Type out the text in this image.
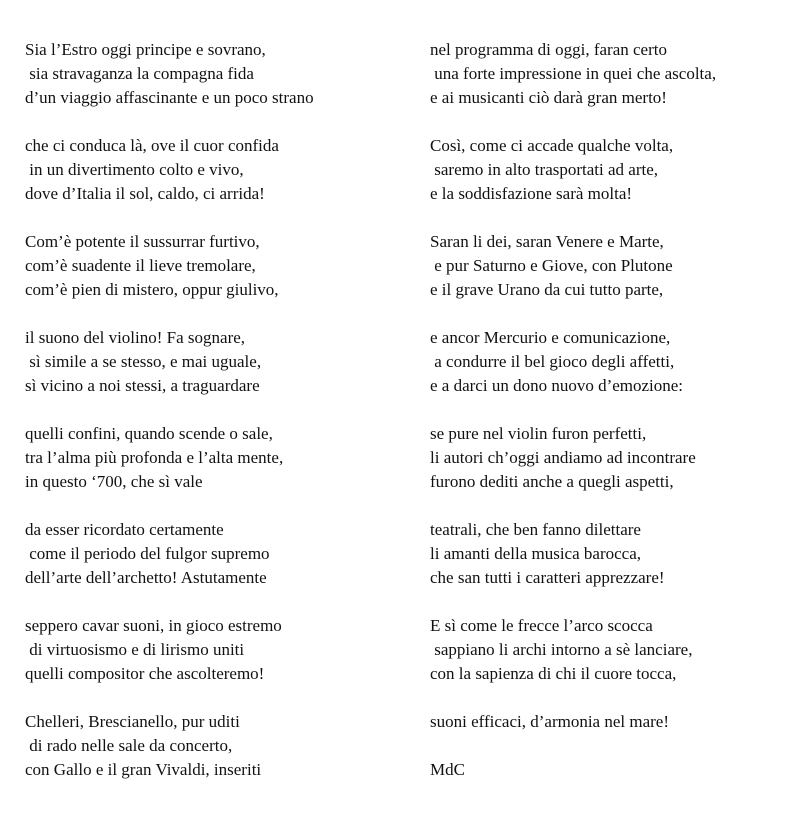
Sia l’Estro oggi principe e sovrano,
sia stravaganza la compagna fida
d’un viaggio affascinante e un poco strano
che ci conduca là, ove il cuor confida
in un divertimento colto e vivo,
dove d’Italia il sol, caldo, ci arrida!
Com’è potente il sussurrar furtivo,
com’è suadente il lieve tremolare,
com’è pien di mistero, oppur giulivo,
il suono del violino! Fa sognare,
sì simile a se stesso, e mai uguale,
sì vicino a noi stessi, a traguardare
quelli confini, quando scende o sale,
tra l’alma più profonda e l’alta mente,
in questo ‘700, che sì vale
da esser ricordato certamente
come il periodo del fulgor supremo
dell’arte dell’archetto! Astutamente
seppero cavar suoni, in gioco estremo
di virtuosismo e di lirismo uniti
quelli compositor che ascolteremo!
Chelleri, Brescianello, pur uditi
di rado nelle sale da concerto,
con Gallo e il gran Vivaldi, inseriti
nel programma di oggi, faran certo
una forte impressione in quei che ascolta,
e ai musicanti ciò darà gran merto!
Così, come ci accade qualche volta,
saremo in alto trasportati ad arte,
e la soddisfazione sarà molta!
Saran li dei, saran Venere e Marte,
e pur Saturno e Giove, con Plutone
e il grave Urano da cui tutto parte,
e ancor Mercurio e comunicazione,
a condurre il bel gioco degli affetti,
e a darci un dono nuovo d’emozione:
se pure nel violin furon perfetti,
li autori ch’oggi andiamo ad incontrare
furono dediti anche a quegli aspetti,
teatrali, che ben fanno dilettare
li amanti della musica barocca,
che san tutti i caratteri apprezzare!
E sì come le frecce l’arco scocca
sappiano li archi intorno a sè lanciare,
con la sapienza di chi il cuore tocca,
suoni efficaci, d’armonia nel mare!
MdC
